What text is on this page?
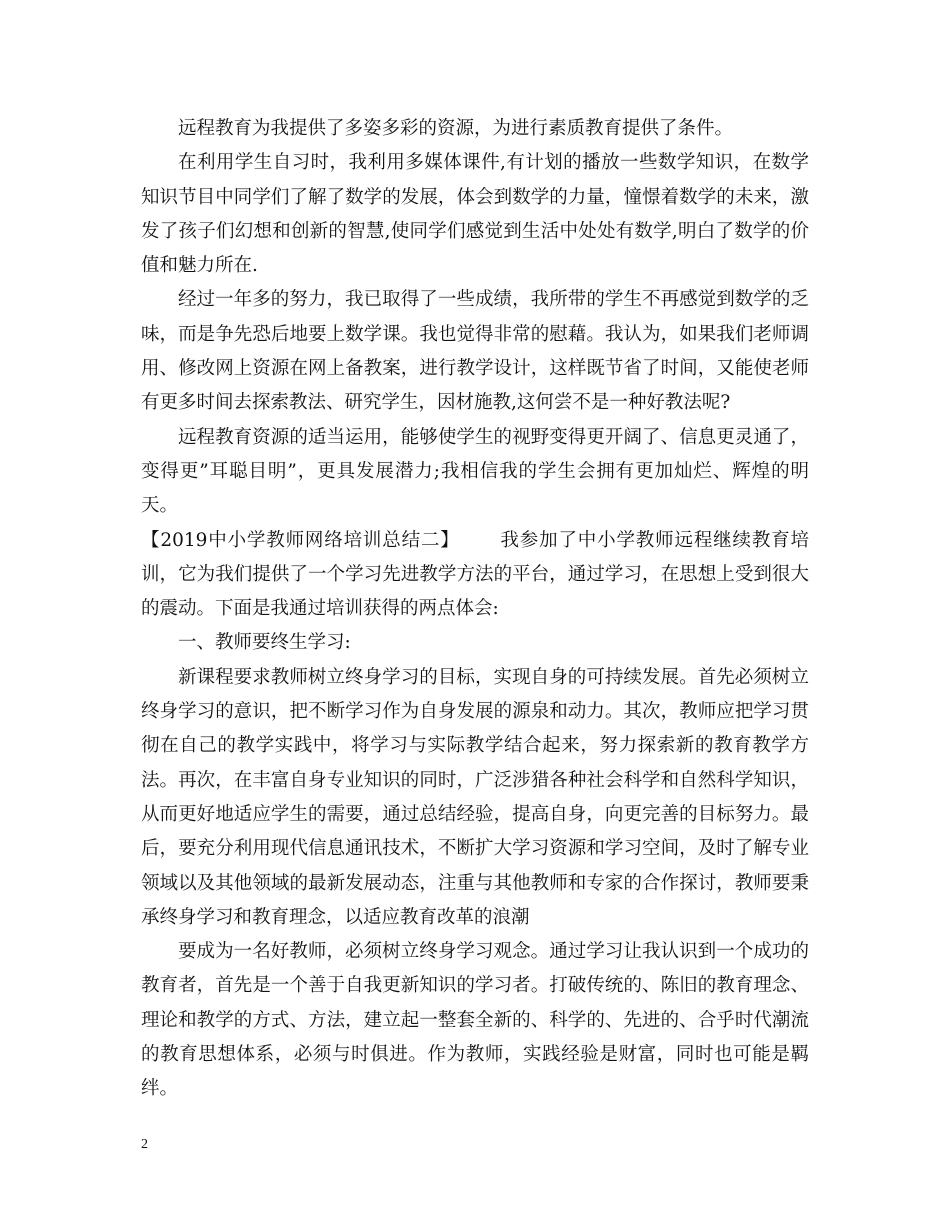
远程教育为我提供了多姿多彩的资源，为进行素质教育提供了条件。

在利用学生自习时，我利用多媒体课件,有计划的播放一些数学知识，在数学知识节目中同学们了解了数学的发展，体会到数学的力量，憧憬着数学的未来，激发了孩子们幻想和创新的智慧,使同学们感觉到生活中处处有数学,明白了数学的价值和魅力所在.

经过一年多的努力，我已取得了一些成绩，我所带的学生不再感觉到数学的乏味，而是争先恐后地要上数学课。我也觉得非常的慰藉。我认为，如果我们老师调用、修改网上资源在网上备教案，进行教学设计，这样既节省了时间，又能使老师有更多时间去探索教法、研究学生，因材施教,这何尝不是一种好教法呢?

远程教育资源的适当运用，能够使学生的视野变得更开阔了、信息更灵通了，变得更”耳聪目明”，更具发展潜力;我相信我的学生会拥有更加灿烂、辉煌的明天。

【2019中小学教师网络培训总结二】 我参加了中小学教师远程继续教育培训，它为我们提供了一个学习先进教学方法的平台，通过学习，在思想上受到很大的震动。下面是我通过培训获得的两点体会:

一、教师要终生学习:

新课程要求教师树立终身学习的目标，实现自身的可持续发展。首先必须树立终身学习的意识，把不断学习作为自身发展的源泉和动力。其次，教师应把学习贯彻在自己的教学实践中，将学习与实际教学结合起来，努力探索新的教育教学方法。再次，在丰富自身专业知识的同时，广泛涉猎各种社会科学和自然科学知识，从而更好地适应学生的需要，通过总结经验，提高自身，向更完善的目标努力。最后，要充分利用现代信息通讯技术，不断扩大学习资源和学习空间，及时了解专业领域以及其他领域的最新发展动态，注重与其他教师和专家的合作探讨，教师要秉承终身学习和教育理念，以适应教育改革的浪潮

要成为一名好教师，必须树立终身学习观念。通过学习让我认识到一个成功的教育者，首先是一个善于自我更新知识的学习者。打破传统的、陈旧的教育理念、理论和教学的方式、方法，建立起一整套全新的、科学的、先进的、合乎时代潮流的教育思想体系，必须与时俱进。作为教师，实践经验是财富，同时也可能是羁绊。

2
